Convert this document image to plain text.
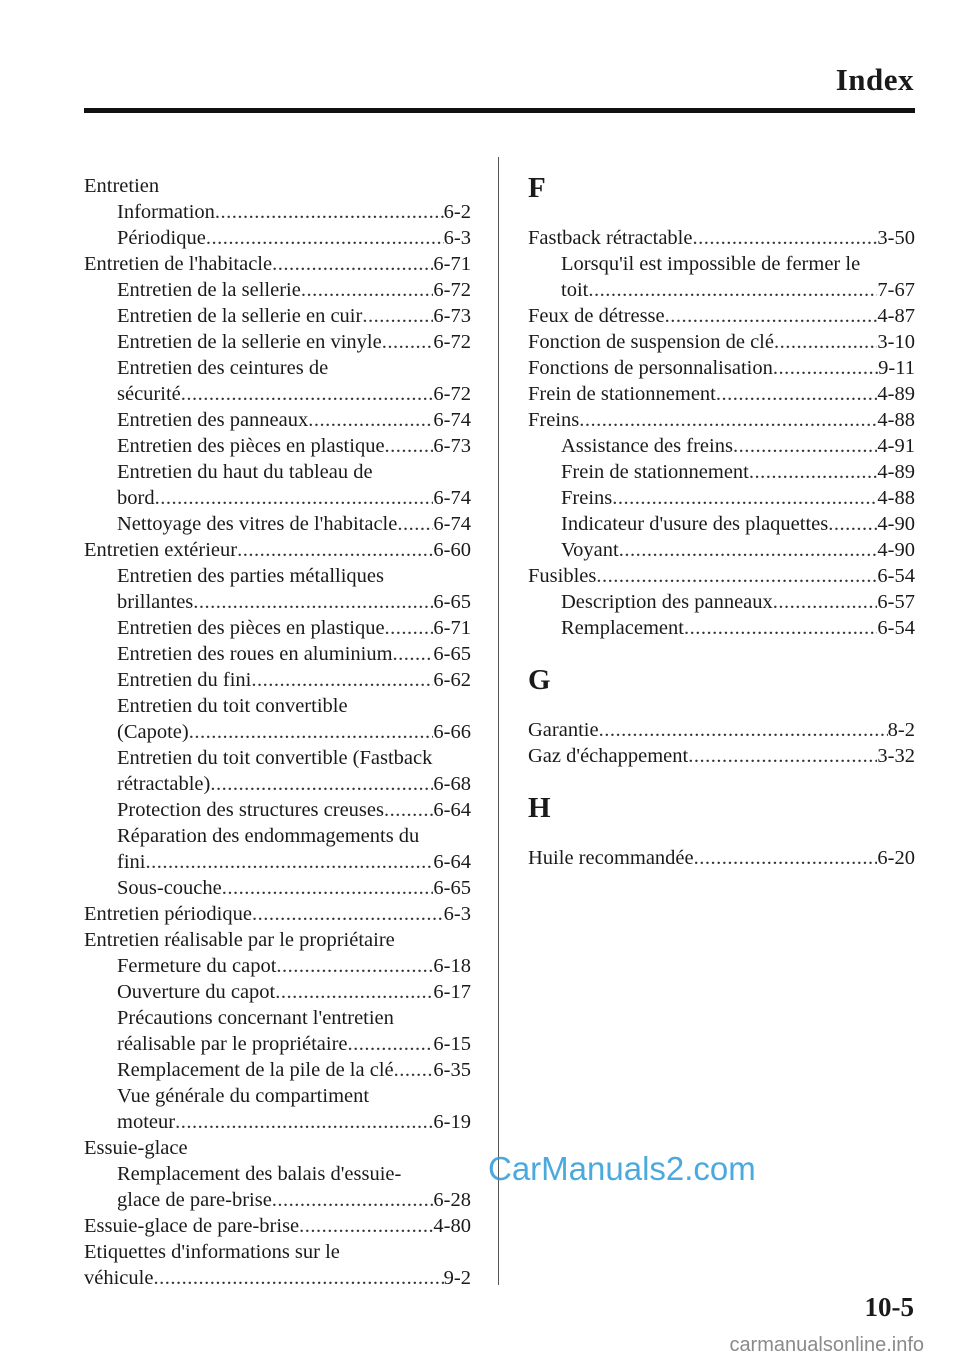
Index
Entretien
Information .....	6-2
Périodique .....	6-3
Entretien de l'habitacle .....	6-71
Entretien de la sellerie .....	6-72
Entretien de la sellerie en cuir .....	6-73
Entretien de la sellerie en vinyle .....	6-72
Entretien des ceintures de
sécurité .....	6-72
Entretien des panneaux .....	6-74
Entretien des pièces en plastique ..... 6-73
Entretien du haut du tableau de
bord .....	6-74
Nettoyage des vitres de l'habitacle ..... 6-74
Entretien extérieur .....	6-60
Entretien des parties métalliques
brillantes .....	6-65
Entretien des pièces en plastique ..... 6-71
Entretien des roues en aluminium ..... 6-65
Entretien du fini .....	6-62
Entretien du toit convertible
(Capote) .....	6-66
Entretien du toit convertible (Fastback
rétractable) .....	6-68
Protection des structures creuses ..... 6-64
Réparation des endommagements du
fini .....	6-64
Sous-couche .....	6-65
Entretien périodique .....	6-3
Entretien réalisable par le propriétaire
Fermeture du capot .....	6-18
Ouverture du capot .....	6-17
Précautions concernant l'entretien
réalisable par le propriétaire .....	6-15
Remplacement de la pile de la clé ..... 6-35
Vue générale du compartiment
moteur .....	6-19
Essuie-glace
Remplacement des balais d'essuie-
glace de pare-brise .....	6-28
Essuie-glace de pare-brise .....	4-80
Etiquettes d'informations sur le
véhicule .....	9-2
F
Fastback rétractable .....	3-50
Lorsqu'il est impossible de fermer le
toit .....	7-67
Feux de détresse .....	4-87
Fonction de suspension de clé .....	3-10
Fonctions de personnalisation .....	9-11
Frein de stationnement .....	4-89
Freins .....	4-88
Assistance des freins .....	4-91
Frein de stationnement .....	4-89
Freins .....	4-88
Indicateur d'usure des plaquettes ..... 4-90
Voyant .....	4-90
Fusibles .....	6-54
Description des panneaux .....	6-57
Remplacement .....	6-54
G
Garantie .....	8-2
Gaz d'échappement .....	3-32
H
Huile recommandée .....	6-20
CarManuals2.com
10-5
carmanualsonline.info
